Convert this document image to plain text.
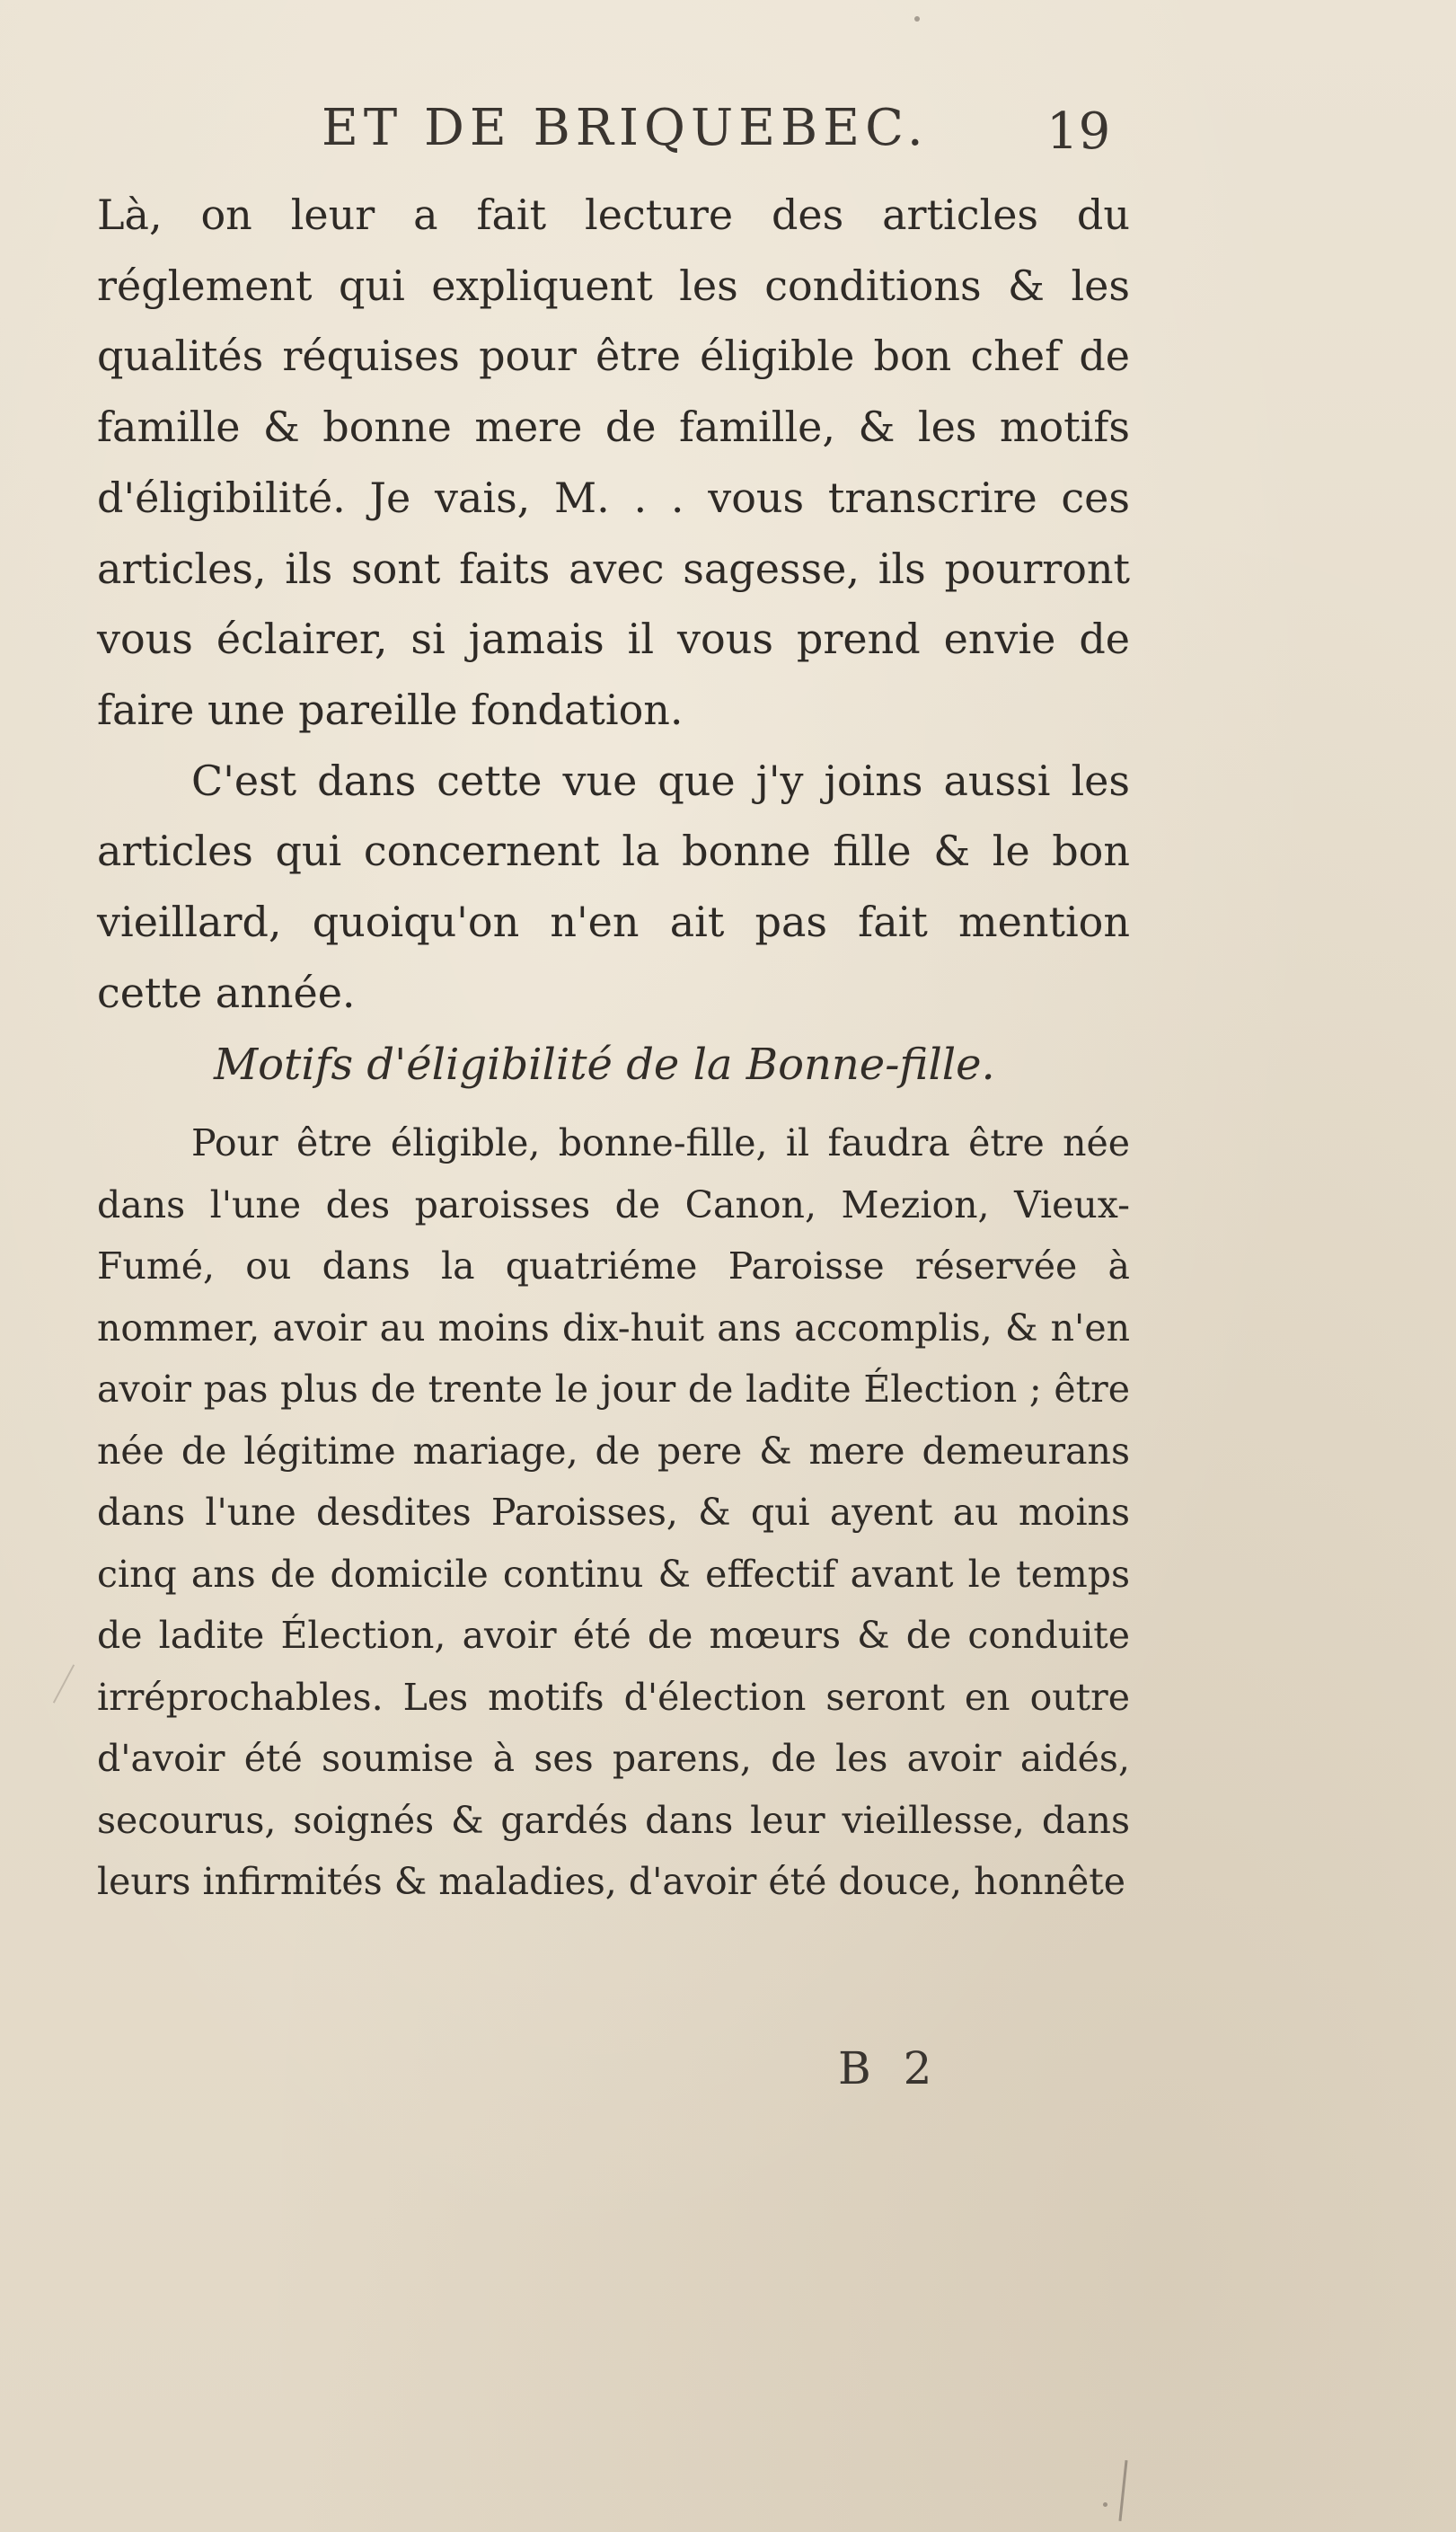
ET DE BRIQUEBEC. 19

Là, on leur a fait lecture des articles du réglement qui expliquent les conditions & les qualités réquises pour être éligible bon chef de famille & bonne mere de famille, & les motifs d'éligibilité. Je vais, M. . . vous transcrire ces articles, ils sont faits avec sagesse, ils pourront vous éclairer, si jamais il vous prend envie de faire une pareille fondation.

C'est dans cette vue que j'y joins aussi les articles qui concernent la bonne fille & le bon vieillard, quoiqu'on n'en ait pas fait mention cette année.

Motifs d'éligibilité de la Bonne-fille.

Pour être éligible, bonne-fille, il faudra être née dans l'une des paroisses de Canon, Mezion, Vieux-Fumé, ou dans la quatriéme Paroisse réservée à nommer, avoir au moins dix-huit ans accomplis, & n'en avoir pas plus de trente le jour de ladite Élection ; être née de légitime mariage, de pere & mere demeurans dans l'une desdites Paroisses, & qui ayent au moins cinq ans de domicile continu & effectif avant le temps de ladite Élection, avoir été de mœurs & de conduite irréprochables. Les motifs d'élection seront en outre d'avoir été soumise à ses parens, de les avoir aidés, secourus, soignés & gardés dans leur vieillesse, dans leurs infirmités & maladies, d'avoir été douce, honnête

B 2
